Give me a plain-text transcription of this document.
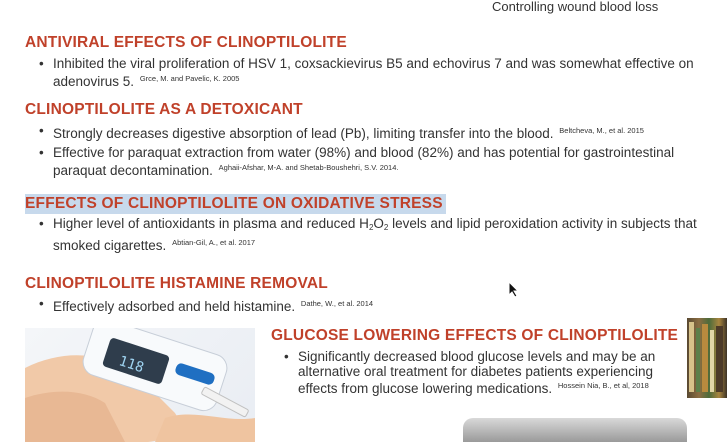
Controlling wound blood loss
ANTIVIRAL EFFECTS OF CLINOPTILOLITE
• Inhibited the viral proliferation of HSV 1, coxsackievirus B5 and echovirus 7 and was somewhat effective on adenovirus 5. $^{Grce, M. and Pavelic, K. 2005}$
CLINOPTILOLITE AS A DETOXICANT
• Strongly decreases digestive absorption of lead (Pb), limiting transfer into the blood. $^{Beltcheva, M., et al. 2015}$
• Effective for paraquat extraction from water (98%) and blood (82%) and has potential for gastrointestinal paraquat decontamination. $^{Aghaii-Afshar, M-A. and Shetab-Boushehri, S.V. 2014.}$
EFFECTS OF CLINOPTILOLITE ON OXIDATIVE STRESS
• Higher level of antioxidants in plasma and reduced $H_2O_2$ levels and lipid peroxidation activity in subjects that smoked cigarettes. $^{Abtian-Gil, A., et al. 2017}$
CLINOPTILOLITE HISTAMINE REMOVAL
• Effectively adsorbed and held histamine. $^{Dathe, W., et al. 2014}$
118
GLUCOSE LOWERING EFFECTS OF CLINOPTILOLITE
• Significantly decreased blood glucose levels and may be an alternative oral treatment for diabetes patients experiencing effects from glucose lowering medications. $^{Hossein Nia, B., et al, 2018}$
